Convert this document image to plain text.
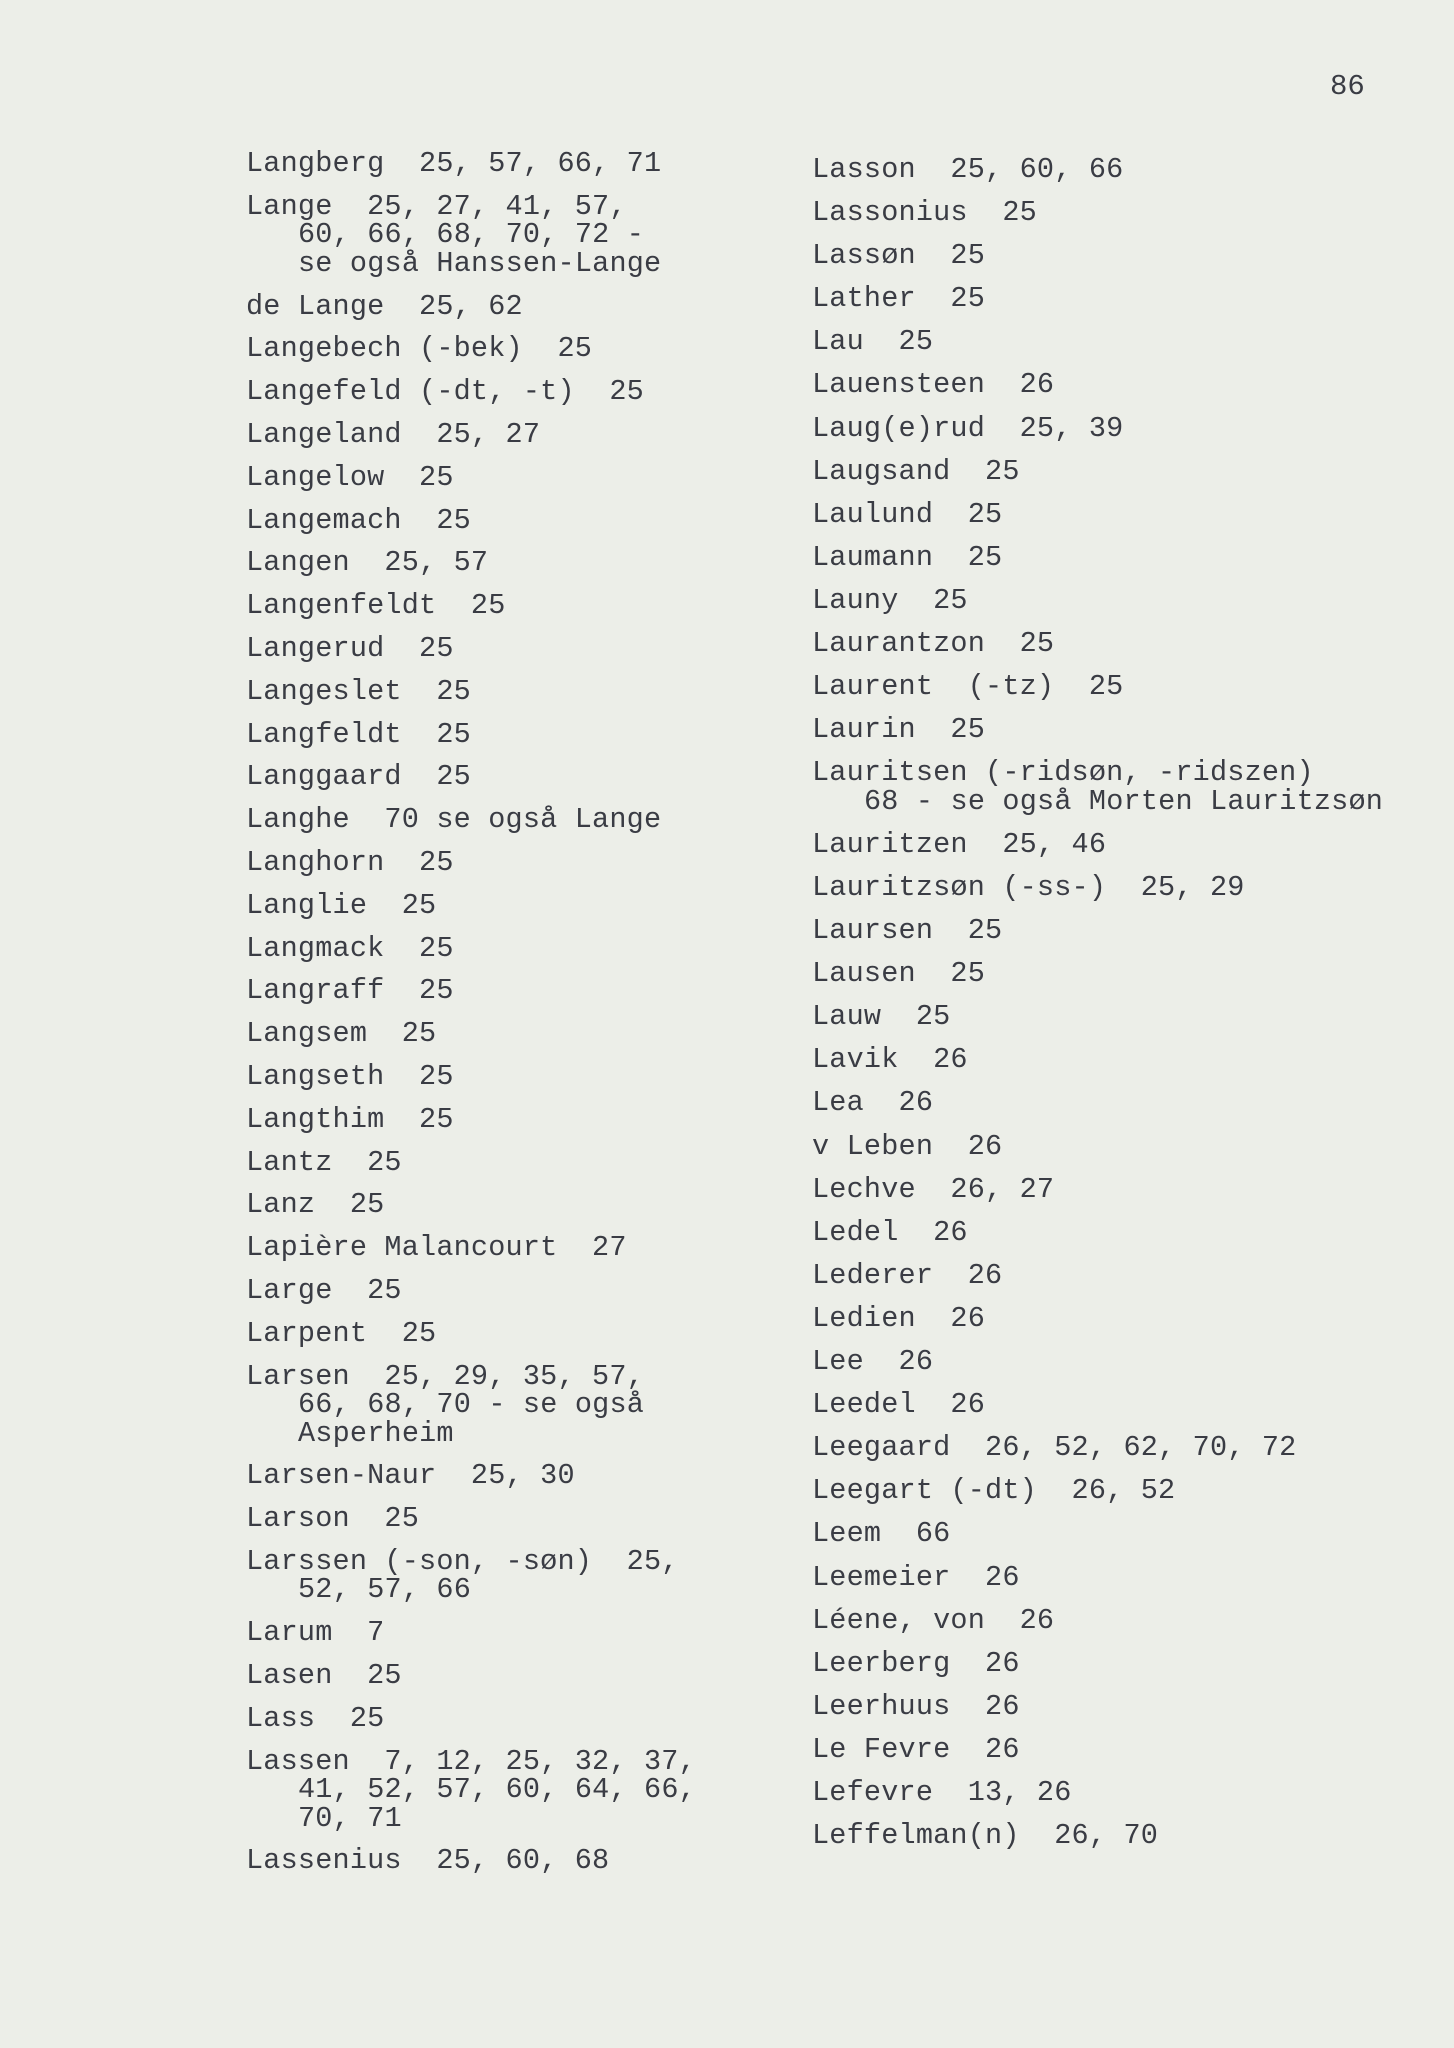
86
Langberg  25, 57, 66, 71
Lange  25, 27, 41, 57,
60, 66, 68, 70, 72 -
se også Hanssen-Lange
de Lange  25, 62
Langebech (-bek)  25
Langefeld (-dt, -t)  25
Langeland  25, 27
Langelow  25
Langemach  25
Langen  25, 57
Langenfeldt  25
Langerud  25
Langeslet  25
Langfeldt  25
Langgaard  25
Langhe  70 se også Lange
Langhorn  25
Langlie  25
Langmack  25
Langraff  25
Langsem  25
Langseth  25
Langthim  25
Lantz  25
Lanz  25
Lapière Malancourt  27
Large  25
Larpent  25
Larsen  25, 29, 35, 57,
66, 68, 70 - se også
Asperheim
Larsen-Naur  25, 30
Larson  25
Larssen (-son, -søn)  25,
52, 57, 66
Larum  7
Lasen  25
Lass  25
Lassen  7, 12, 25, 32, 37,
41, 52, 57, 60, 64, 66,
70, 71
Lassenius  25, 60, 68
Lasson  25, 60, 66
Lassonius  25
Lassøn  25
Lather  25
Lau  25
Lauensteen  26
Laug(e)rud  25, 39
Laugsand  25
Laulund  25
Laumann  25
Launy  25
Laurantzon  25
Laurent  (-tz)  25
Laurin  25
Lauritsen (-ridsøn, -ridszen)
68 - se også Morten Lauritzsøn
Lauritzen  25, 46
Lauritzsøn (-ss-)  25, 29
Laursen  25
Lausen  25
Lauw  25
Lavik  26
Lea  26
v Leben  26
Lechve  26, 27
Ledel  26
Lederer  26
Ledien  26
Lee  26
Leedel  26
Leegaard  26, 52, 62, 70, 72
Leegart (-dt)  26, 52
Leem  66
Leemeier  26
Léene, von  26
Leerberg  26
Leerhuus  26
Le Fevre  26
Lefevre  13, 26
Leffelman(n)  26, 70
